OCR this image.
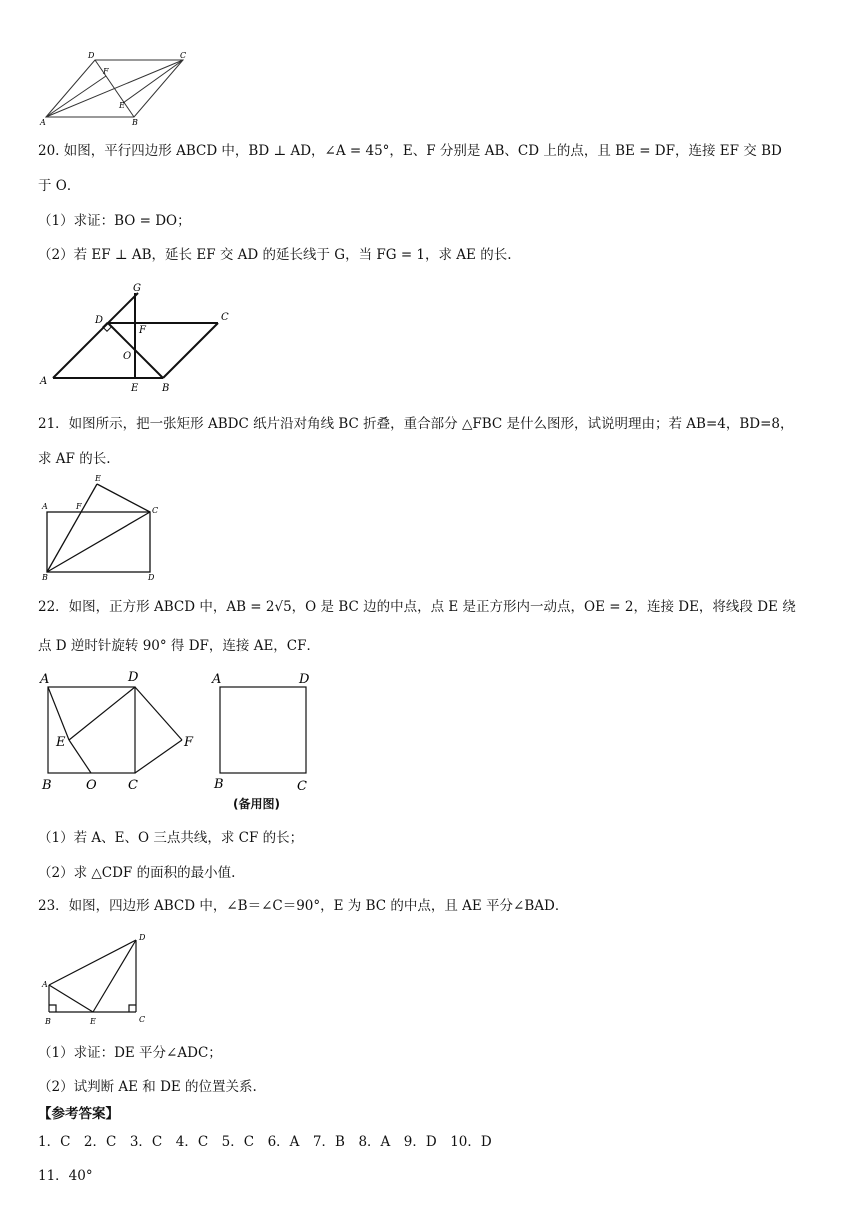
D	C
F
E
A	B
20. 如图，平行四边形 ABCD 中，BD ⊥ AD，∠A = 45°，E、F 分别是 AB、CD 上的点，且 BE = DF，连接 EF 交 BD
于 O．
（1）求证：BO = DO；
（2）若 EF ⊥ AB，延长 EF 交 AD 的延长线于 G，当 FG = 1，求 AE 的长.
G
D	C
F
O
A
E B
21．如图所示，把一张矩形 ABDC 纸片沿对角线 BC 折叠，重合部分 △FBC 是什么图形，试说明理由；若 AB=4，BD=8，
求 AF 的长.
E
A	F	C
B	D
22．如图，正方形 ABCD 中，AB = 2√5，O 是 BC 边的中点，点 E 是正方形内一动点，OE = 2，连接 DE，将线段 DE 绕
点 D 逆时针旋转 90° 得 DF，连接 AE，CF．
A	D
E	F
B	O C
A	D
B	C
(备用图)
（1）若 A、E、O 三点共线，求 CF 的长；
（2）求 △CDF 的面积的最小值.
23．如图，四边形 ABCD 中，∠B＝∠C＝90°，E 为 BC 的中点，且 AE 平分∠BAD．
D
A
B	E	C
（1）求证：DE 平分∠ADC；
（2）试判断 AE 和 DE 的位置关系.
【参考答案】
1．C　2．C　3．C　4．C　5．C　6．A　7．B　8．A　9．D　10．D
11．40°
